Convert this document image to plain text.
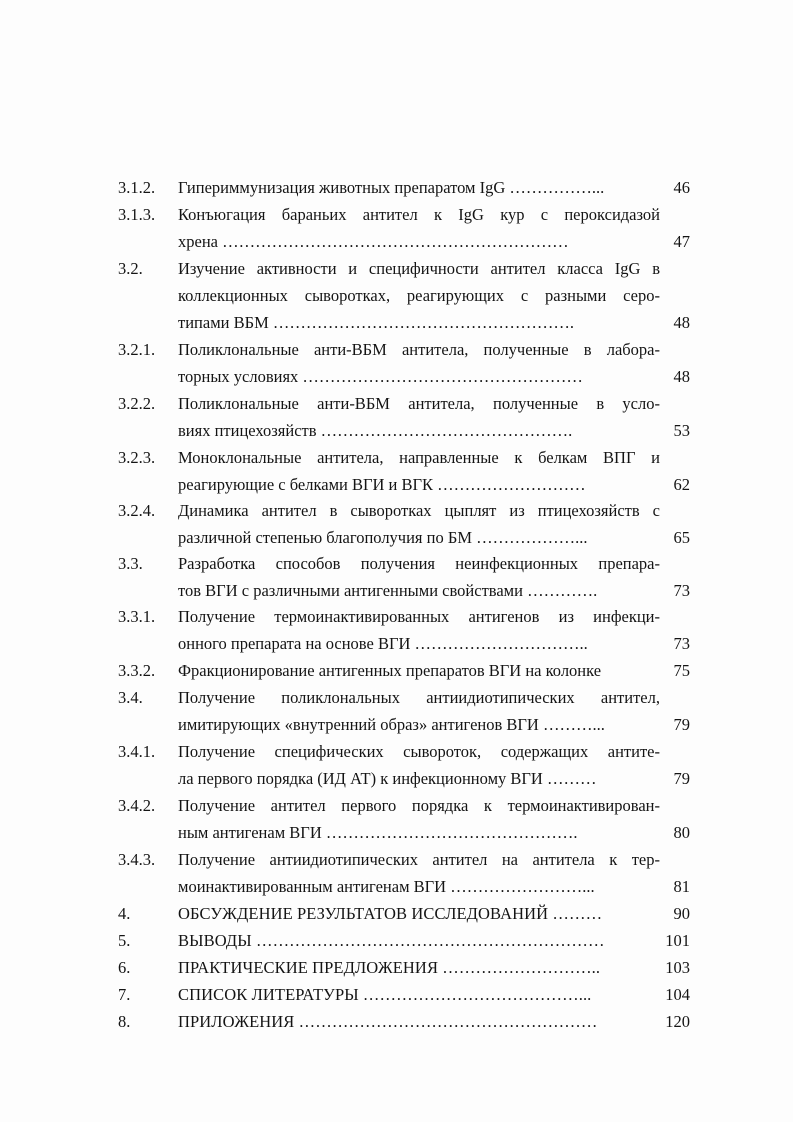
3.1.2. Гипериммунизация животных препаратом IgG ……………...	46
3.1.3. Конъюгация бараньих антител к IgG кур с пероксидазой
хрена ………………………………………………………	47
3.2. Изучение активности и специфичности антител класса IgG в
коллекционных сыворотках, реагирующих с разными серо-
типами ВБМ ……………………………………………….	48
3.2.1. Поликлональные анти-ВБМ антитела, полученные в лабора-
торных условиях ……………………………………………	48
3.2.2. Поликлональные анти-ВБМ антитела, полученные в усло-
виях птицехозяйств ……………………………………….	53
3.2.3. Моноклональные антитела, направленные к белкам ВПГ и
реагирующие с белками ВГИ и ВГК ………………………	62
3.2.4. Динамика антител в сыворотках цыплят из птицехозяйств с
различной степенью благополучия по БМ ………………...	65
3.3. Разработка способов получения неинфекционных препара-
тов ВГИ с различными антигенными свойствами ………….	73
3.3.1. Получение термоинактивированных антигенов из инфекци-
онного препарата на основе ВГИ …………………………..	73
3.3.2. Фракционирование антигенных препаратов ВГИ на колонке	75
3.4. Получение поликлональных антиидиотипических антител,
имитирующих «внутренний образ» антигенов ВГИ ………...	79
3.4.1. Получение специфических сывороток, содержащих антите-
ла первого порядка (ИД АТ) к инфекционному ВГИ ………	79
3.4.2. Получение антител первого порядка к термоинактивирован-
ным антигенам ВГИ ……………………………………….	80
3.4.3. Получение антиидиотипических антител на антитела к тер-
моинактивированным антигенам ВГИ ……………………...	81
4.	ОБСУЖДЕНИЕ РЕЗУЛЬТАТОВ ИССЛЕДОВАНИЙ ………	90
5.	ВЫВОДЫ ………………………………………………………	101
6.	ПРАКТИЧЕСКИЕ ПРЕДЛОЖЕНИЯ ………………………..	103
7.	СПИСОК ЛИТЕРАТУРЫ …………………………………...	104
8.	ПРИЛОЖЕНИЯ ………………………………………………	120
